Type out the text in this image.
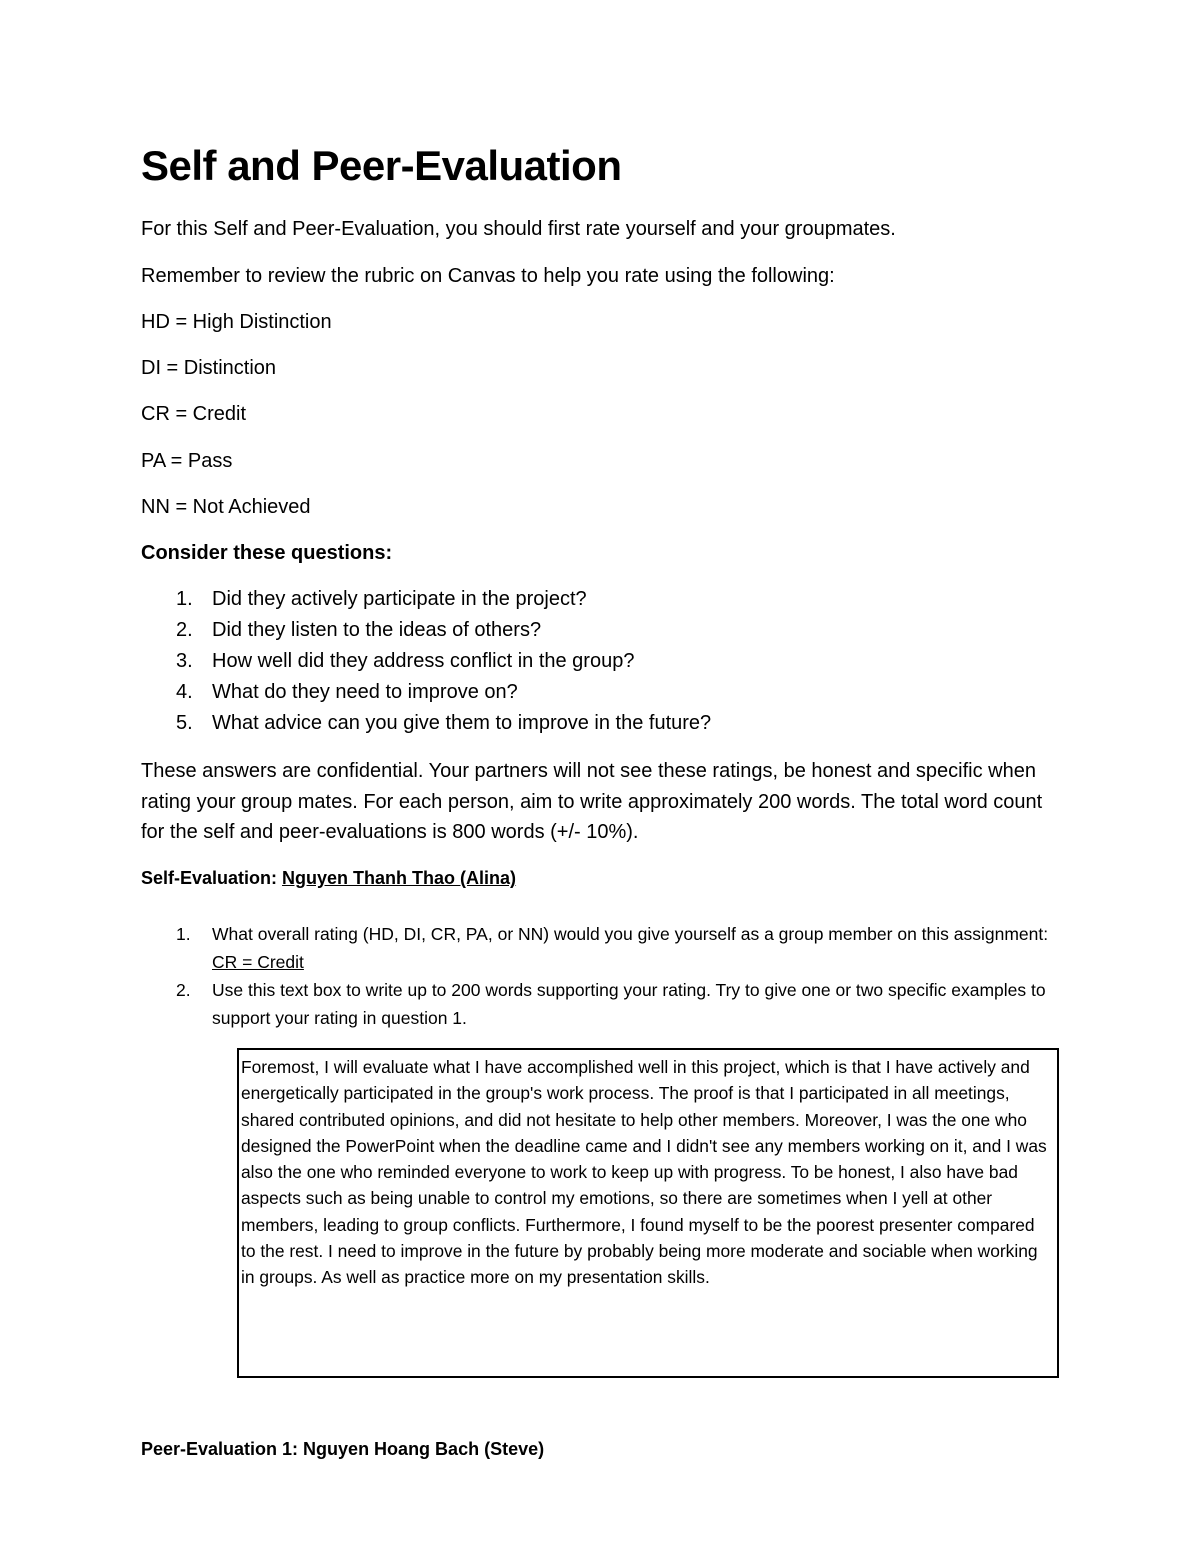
Self and Peer-Evaluation

For this Self and Peer-Evaluation, you should first rate yourself and your groupmates.

Remember to review the rubric on Canvas to help you rate using the following:

HD = High Distinction

DI = Distinction

CR = Credit

PA = Pass

NN = Not Achieved

Consider these questions:

1. Did they actively participate in the project?
2. Did they listen to the ideas of others?
3. How well did they address conflict in the group?
4. What do they need to improve on?
5. What advice can you give them to improve in the future?

These answers are confidential. Your partners will not see these ratings, be honest and specific when rating your group mates. For each person, aim to write approximately 200 words. The total word count for the self and peer-evaluations is 800 words (+/- 10%).

Self-Evaluation: Nguyen Thanh Thao (Alina)

1. What overall rating (HD, DI, CR, PA, or NN) would you give yourself as a group member on this assignment: CR = Credit
2. Use this text box to write up to 200 words supporting your rating. Try to give one or two specific examples to support your rating in question 1.

Foremost, I will evaluate what I have accomplished well in this project, which is that I have actively and energetically participated in the group's work process. The proof is that I participated in all meetings, shared contributed opinions, and did not hesitate to help other members. Moreover, I was the one who designed the PowerPoint when the deadline came and I didn't see any members working on it, and I was also the one who reminded everyone to work to keep up with progress. To be honest, I also have bad aspects such as being unable to control my emotions, so there are sometimes when I yell at other members, leading to group conflicts. Furthermore, I found myself to be the poorest presenter compared to the rest. I need to improve in the future by probably being more moderate and sociable when working in groups. As well as practice more on my presentation skills.

Peer-Evaluation 1: Nguyen Hoang Bach (Steve)
